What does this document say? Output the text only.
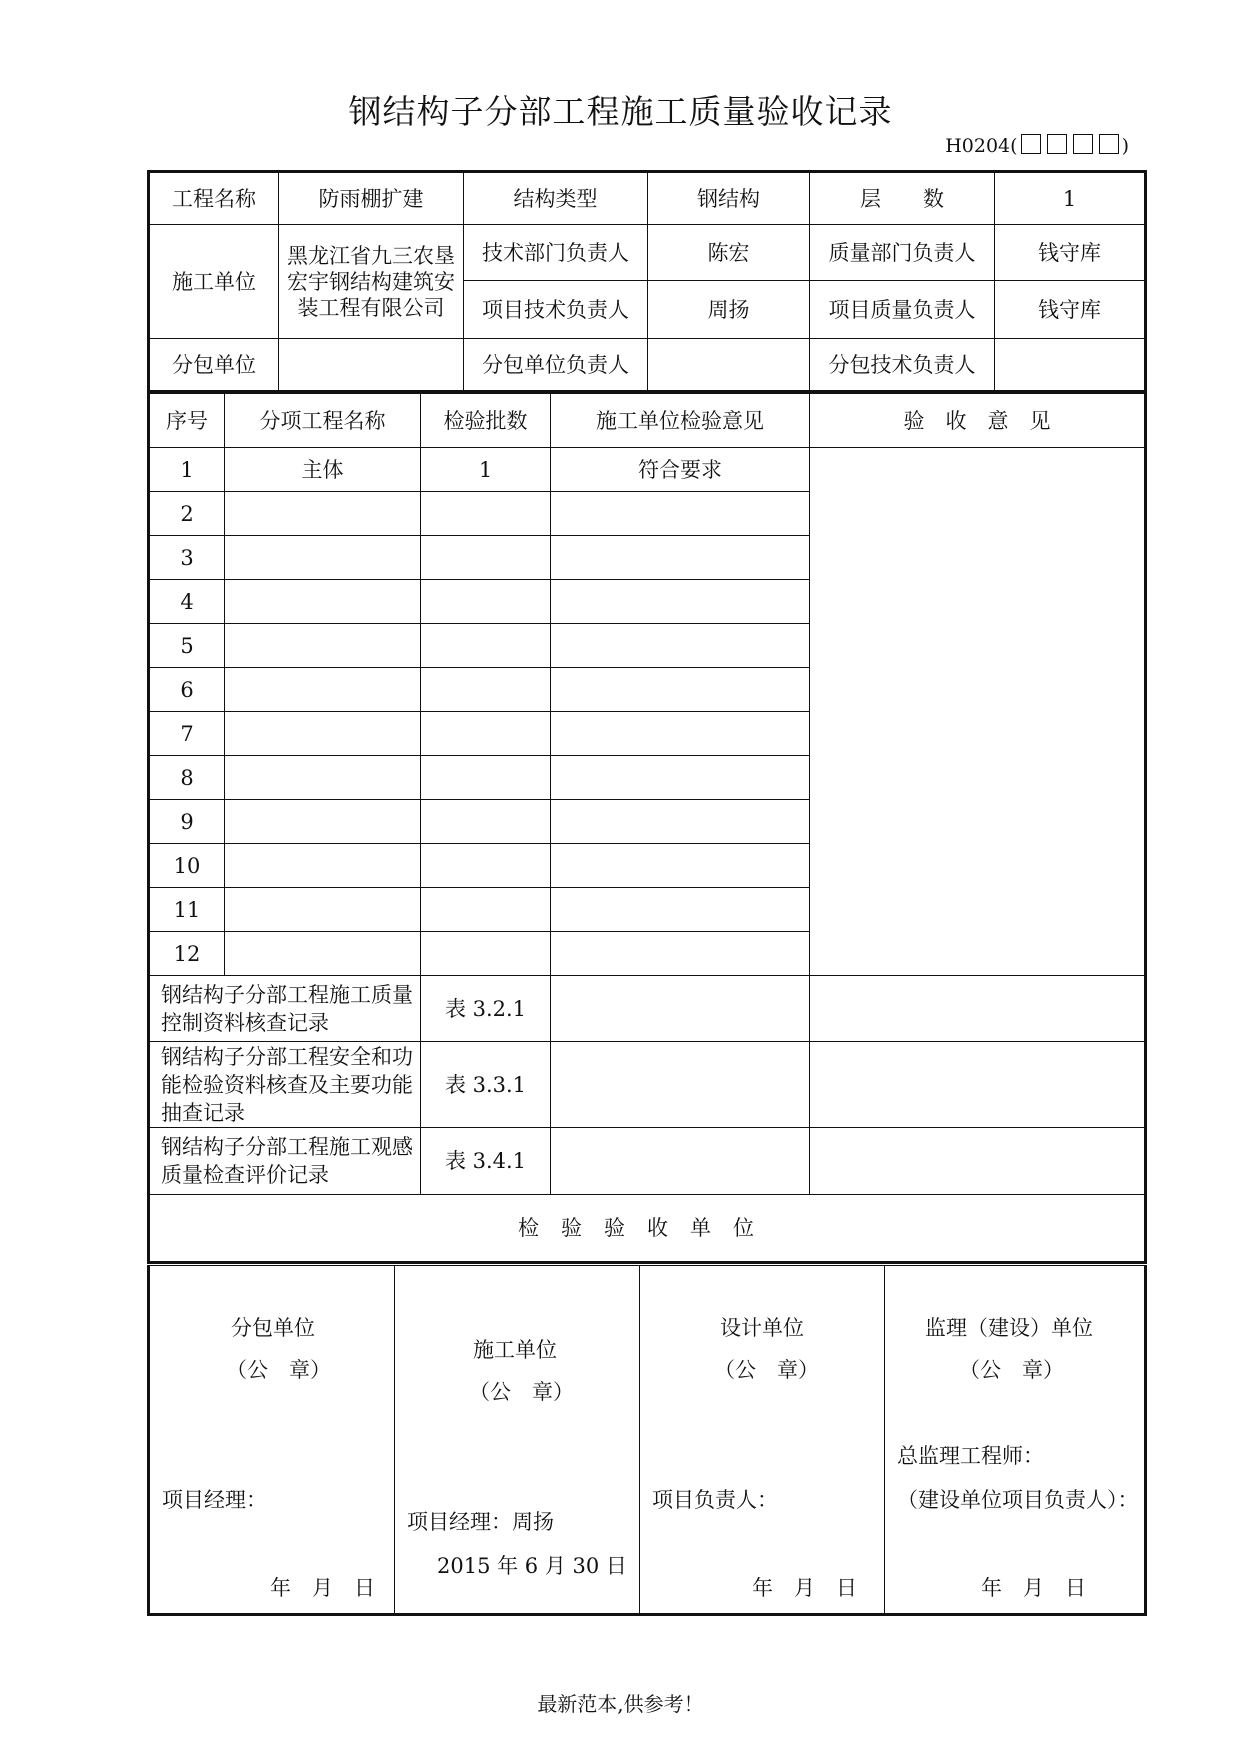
钢结构子分部工程施工质量验收记录
H0204(	)
工程名称	防雨棚扩建	结构类型	钢结构	层　　数	1
施工单位	黑龙江省九三农垦宏宇钢结构建筑安装工程有限公司	技术部门负责人	陈宏	质量部门负责人	钱守库
		项目技术负责人	周扬	项目质量负责人	钱守库
分包单位		分包单位负责人		分包技术负责人	
序号	分项工程名称	检验批数	施工单位检验意见	验　收　意　见
1	主体	1	符合要求	
2				
3				
4				
5				
6				
7				
8				
9				
10				
11				
12				
钢结构子分部工程施工质量控制资料核查记录		表 3.2.1		
钢结构子分部工程安全和功能检验资料核查及主要功能抽查记录		表 3.3.1		
钢结构子分部工程施工观感质量检查评价记录		表 3.4.1		
检验验收单位				
分包单位
（公　章）
项目经理：
年　月　日

施工单位
（公　章）
项目经理：周扬
2015 年 6 月 30 日

设计单位
（公　章）
项目负责人：
年　月　日

监理（建设）单位
（公　章）
总监理工程师：
（建设单位项目负责人）：
年　月　日
最新范本,供参考！
